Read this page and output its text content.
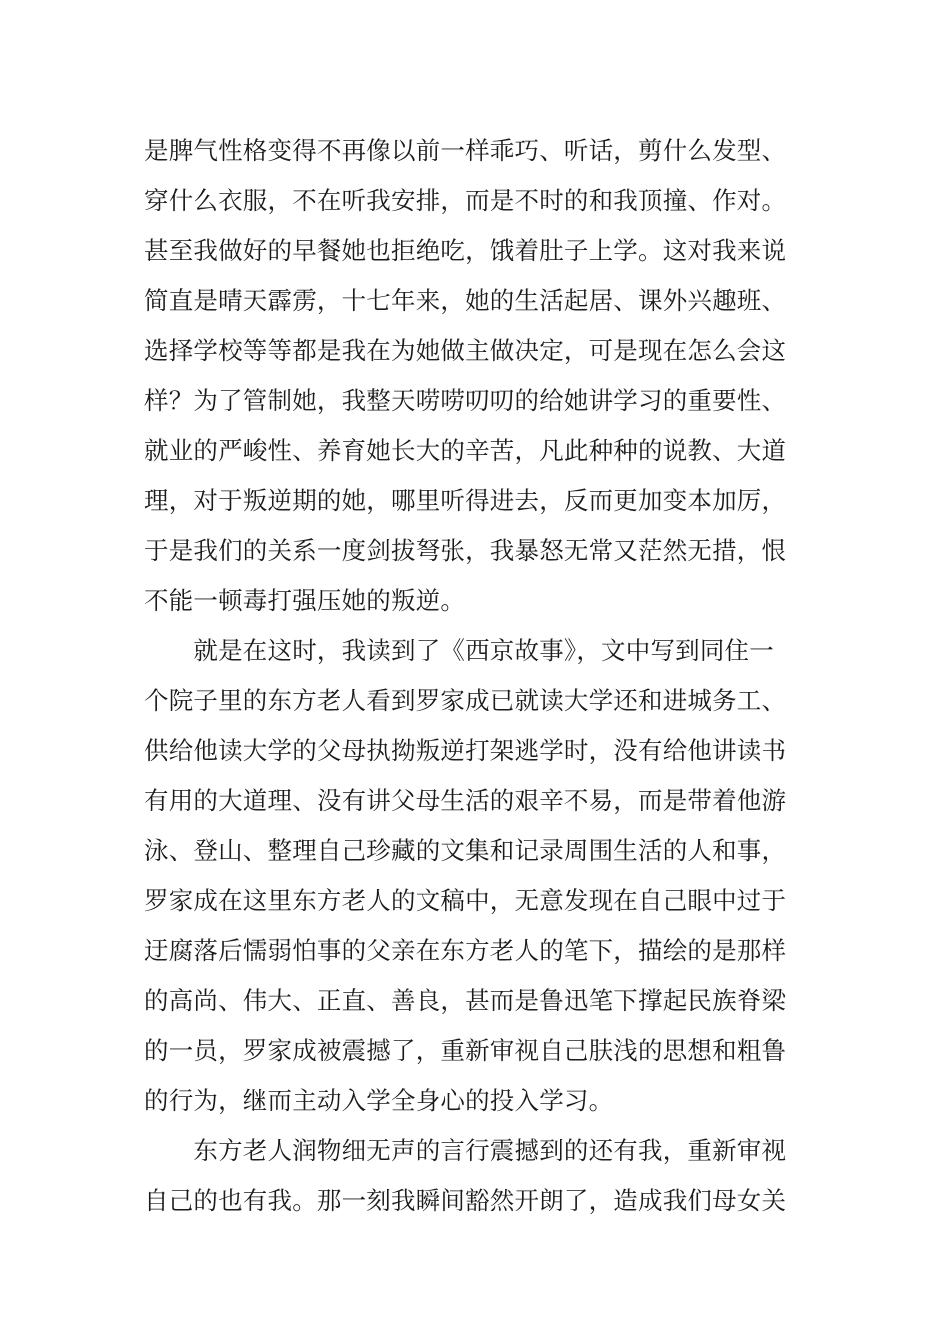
是脾气性格变得不再像以前一样乖巧、听话，剪什么发型、
穿什么衣服，不在听我安排，而是不时的和我顶撞、作对。
甚至我做好的早餐她也拒绝吃，饿着肚子上学。这对我来说
简直是晴天霹雳，十七年来，她的生活起居、课外兴趣班、
选择学校等等都是我在为她做主做决定，可是现在怎么会这
样？为了管制她，我整天唠唠叨叨的给她讲学习的重要性、
就业的严峻性、养育她长大的辛苦，凡此种种的说教、大道
理，对于叛逆期的她，哪里听得进去，反而更加变本加厉，
于是我们的关系一度剑拔弩张，我暴怒无常又茫然无措，恨
不能一顿毒打强压她的叛逆。
　　就是在这时，我读到了《西京故事》，文中写到同住一
个院子里的东方老人看到罗家成已就读大学还和进城务工、
供给他读大学的父母执拗叛逆打架逃学时，没有给他讲读书
有用的大道理、没有讲父母生活的艰辛不易，而是带着他游
泳、登山、整理自己珍藏的文集和记录周围生活的人和事，
罗家成在这里东方老人的文稿中，无意发现在自己眼中过于
迂腐落后懦弱怕事的父亲在东方老人的笔下，描绘的是那样
的高尚、伟大、正直、善良，甚而是鲁迅笔下撑起民族脊梁
的一员，罗家成被震撼了，重新审视自己肤浅的思想和粗鲁
的行为，继而主动入学全身心的投入学习。
　　东方老人润物细无声的言行震撼到的还有我，重新审视
自己的也有我。那一刻我瞬间豁然开朗了，造成我们母女关
